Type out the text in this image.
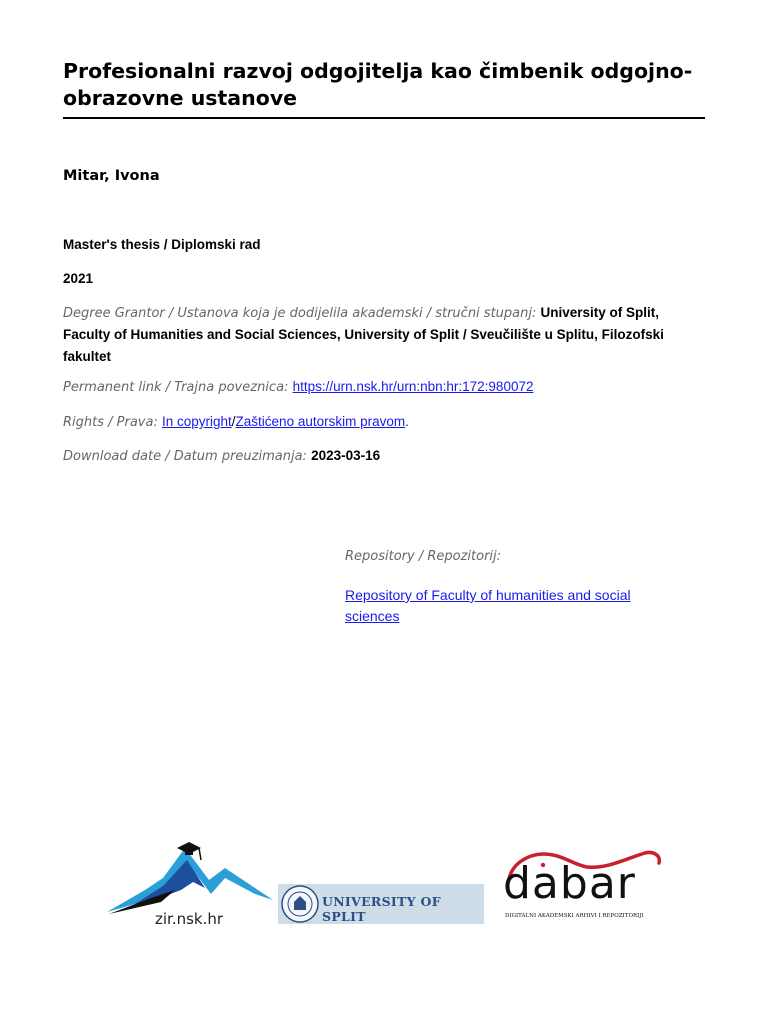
Profesionalni razvoj odgojitelja kao čimbenik odgojno-obrazovne ustanove
Mitar, Ivona
Master's thesis / Diplomski rad
2021
Degree Grantor / Ustanova koja je dodijelila akademski / stručni stupanj: University of Split, Faculty of Humanities and Social Sciences, University of Split / Sveučilište u Splitu, Filozofski fakultet
Permanent link / Trajna poveznica: https://urn.nsk.hr/urn:nbn:hr:172:980072
Rights / Prava: In copyright/Zaštićeno autorskim pravom.
Download date / Datum preuzimanja: 2023-03-16
Repository / Repozitorij:
Repository of Faculty of humanities and social sciences
zir.nsk.hr
UNIVERSITY OF SPLIT
dabar
DIGITALNI AKADEMSKI ARHIVI I REPOZITORIJI
